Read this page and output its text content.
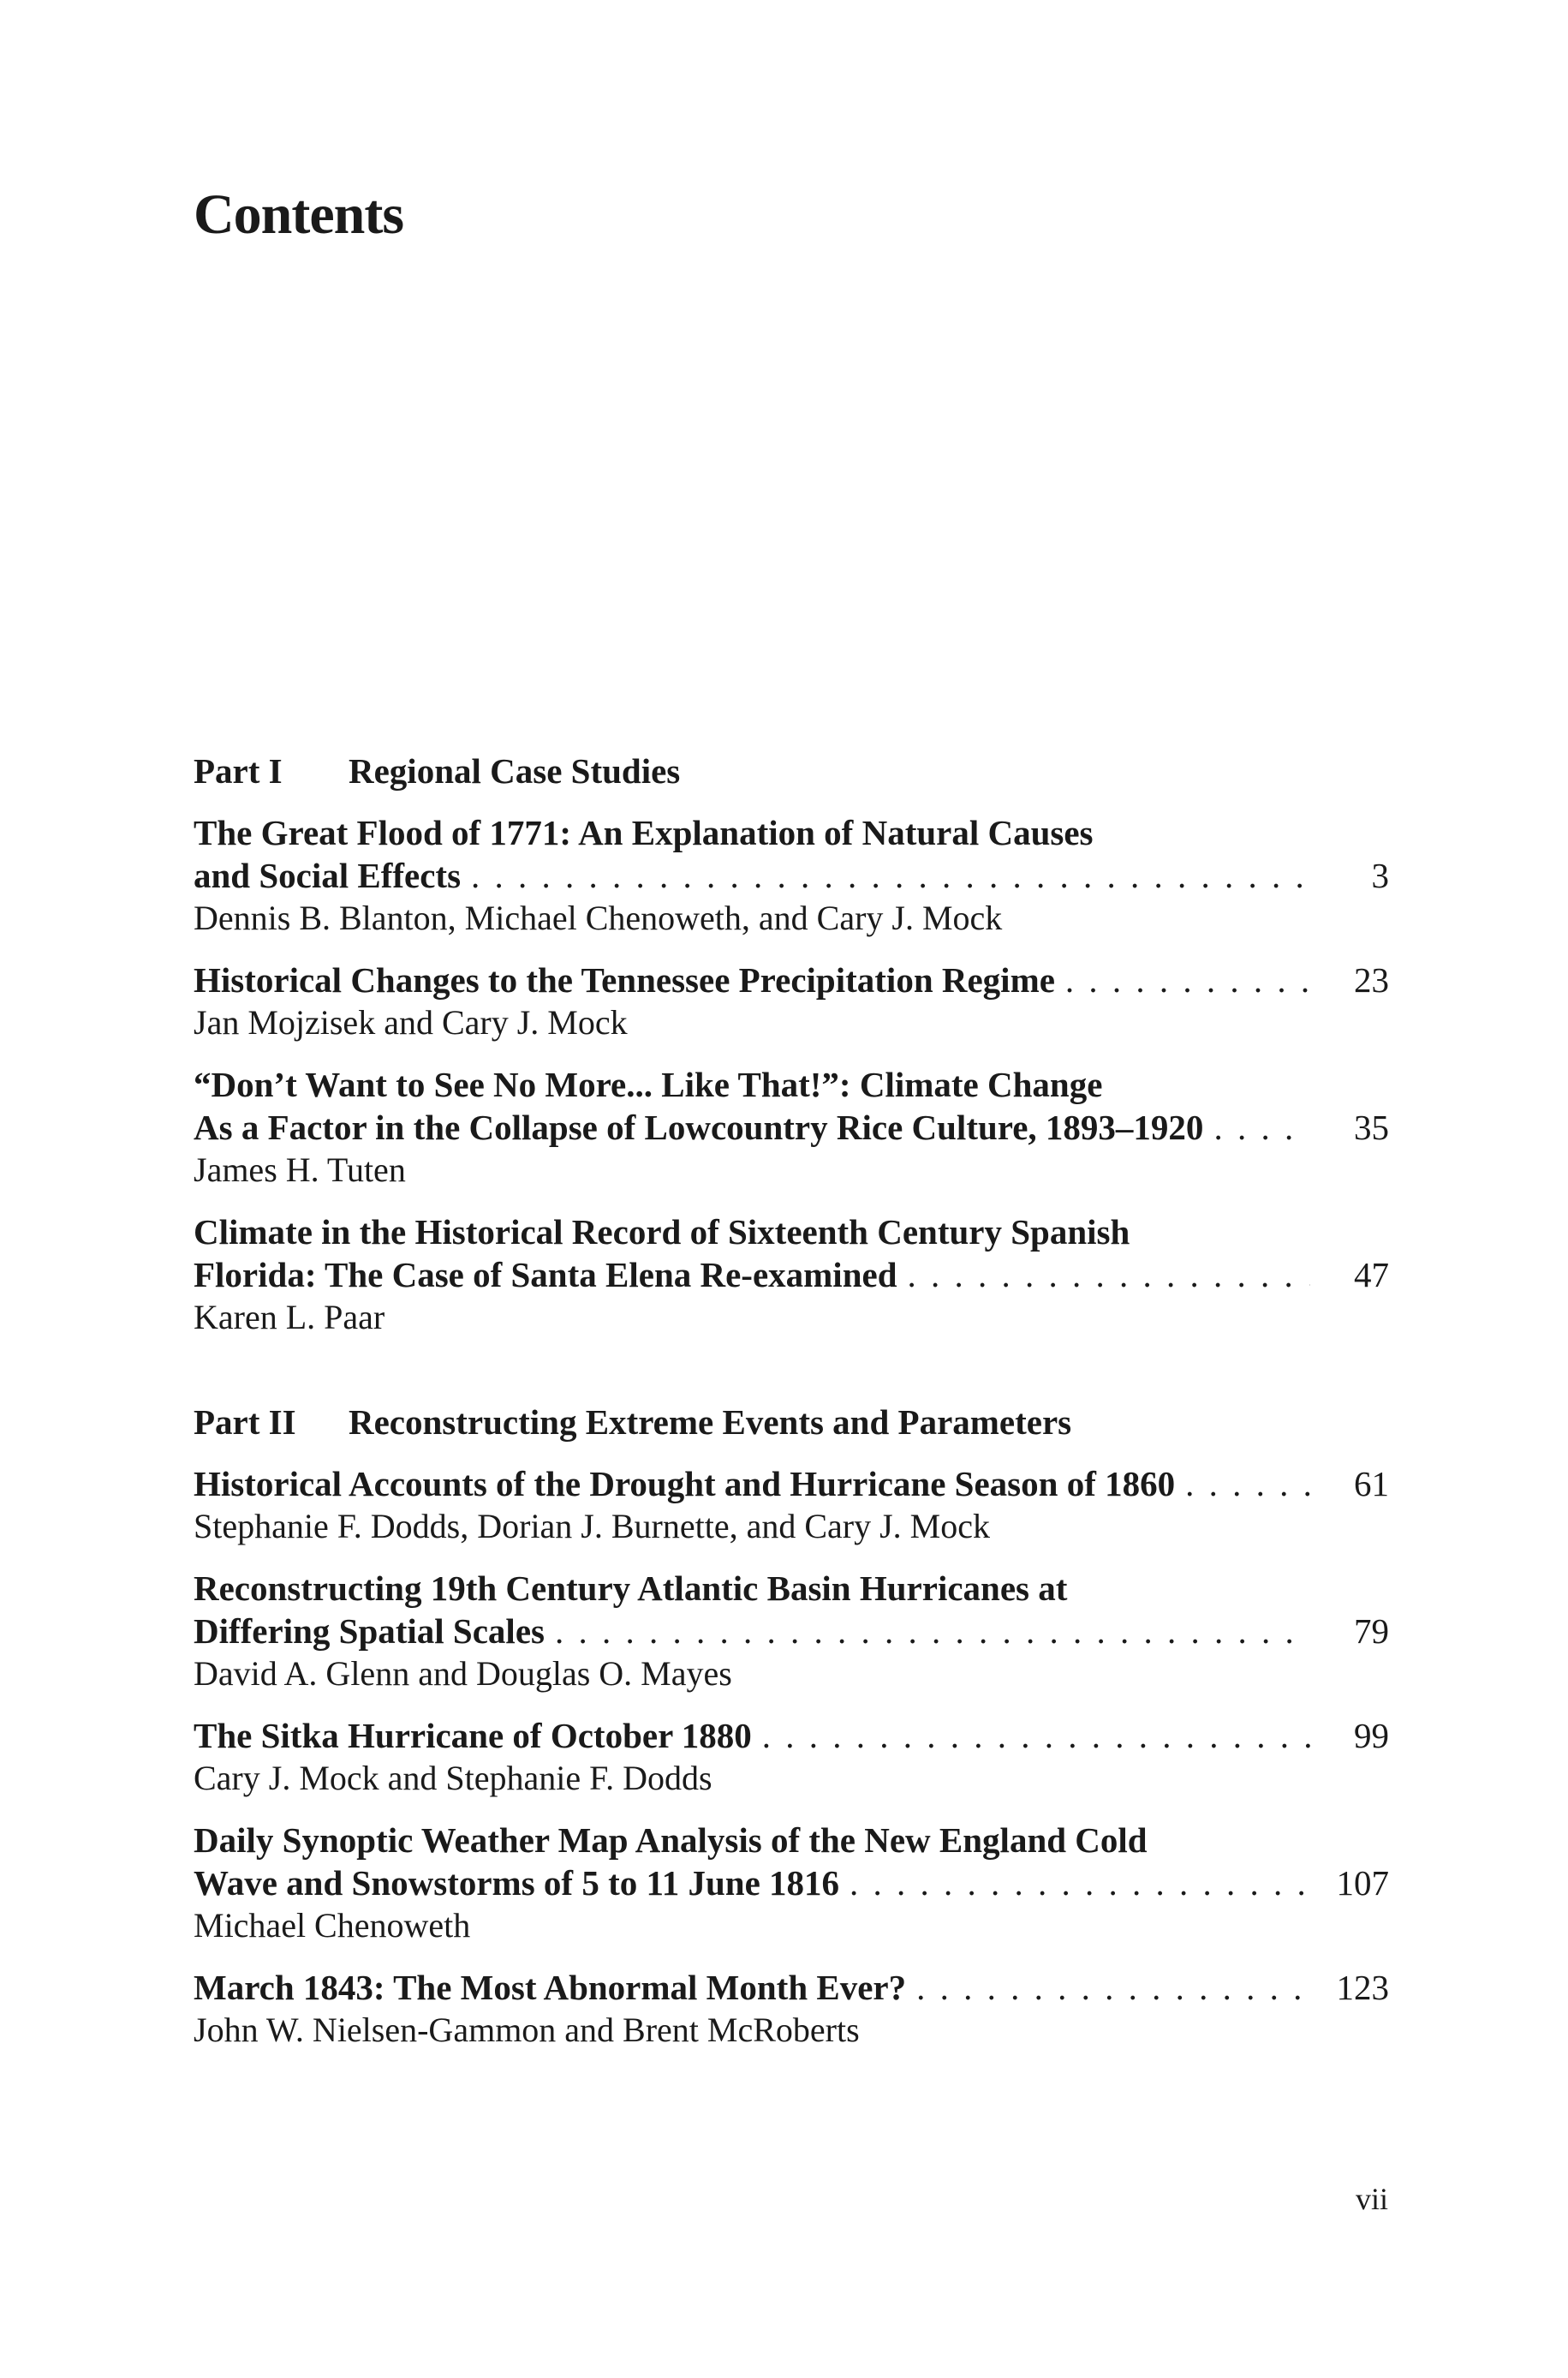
Contents
Part I	Regional Case Studies
The Great Flood of 1771: An Explanation of Natural Causes
and Social Effects . . .	3
Dennis B. Blanton, Michael Chenoweth, and Cary J. Mock
Historical Changes to the Tennessee Precipitation Regime . . .	23
Jan Mojzisek and Cary J. Mock
“Don’t Want to See No More... Like That!”: Climate Change
As a Factor in the Collapse of Lowcountry Rice Culture, 1893–1920 . . .	35
James H. Tuten
Climate in the Historical Record of Sixteenth Century Spanish
Florida: The Case of Santa Elena Re-examined . . .	47
Karen L. Paar
Part II	Reconstructing Extreme Events and Parameters
Historical Accounts of the Drought and Hurricane Season of 1860 . . .	61
Stephanie F. Dodds, Dorian J. Burnette, and Cary J. Mock
Reconstructing 19th Century Atlantic Basin Hurricanes at
Differing Spatial Scales . . .	79
David A. Glenn and Douglas O. Mayes
The Sitka Hurricane of October 1880 . . .	99
Cary J. Mock and Stephanie F. Dodds
Daily Synoptic Weather Map Analysis of the New England Cold
Wave and Snowstorms of 5 to 11 June 1816 . . .	107
Michael Chenoweth
March 1843: The Most Abnormal Month Ever? . . .	123
John W. Nielsen-Gammon and Brent McRoberts
vii
